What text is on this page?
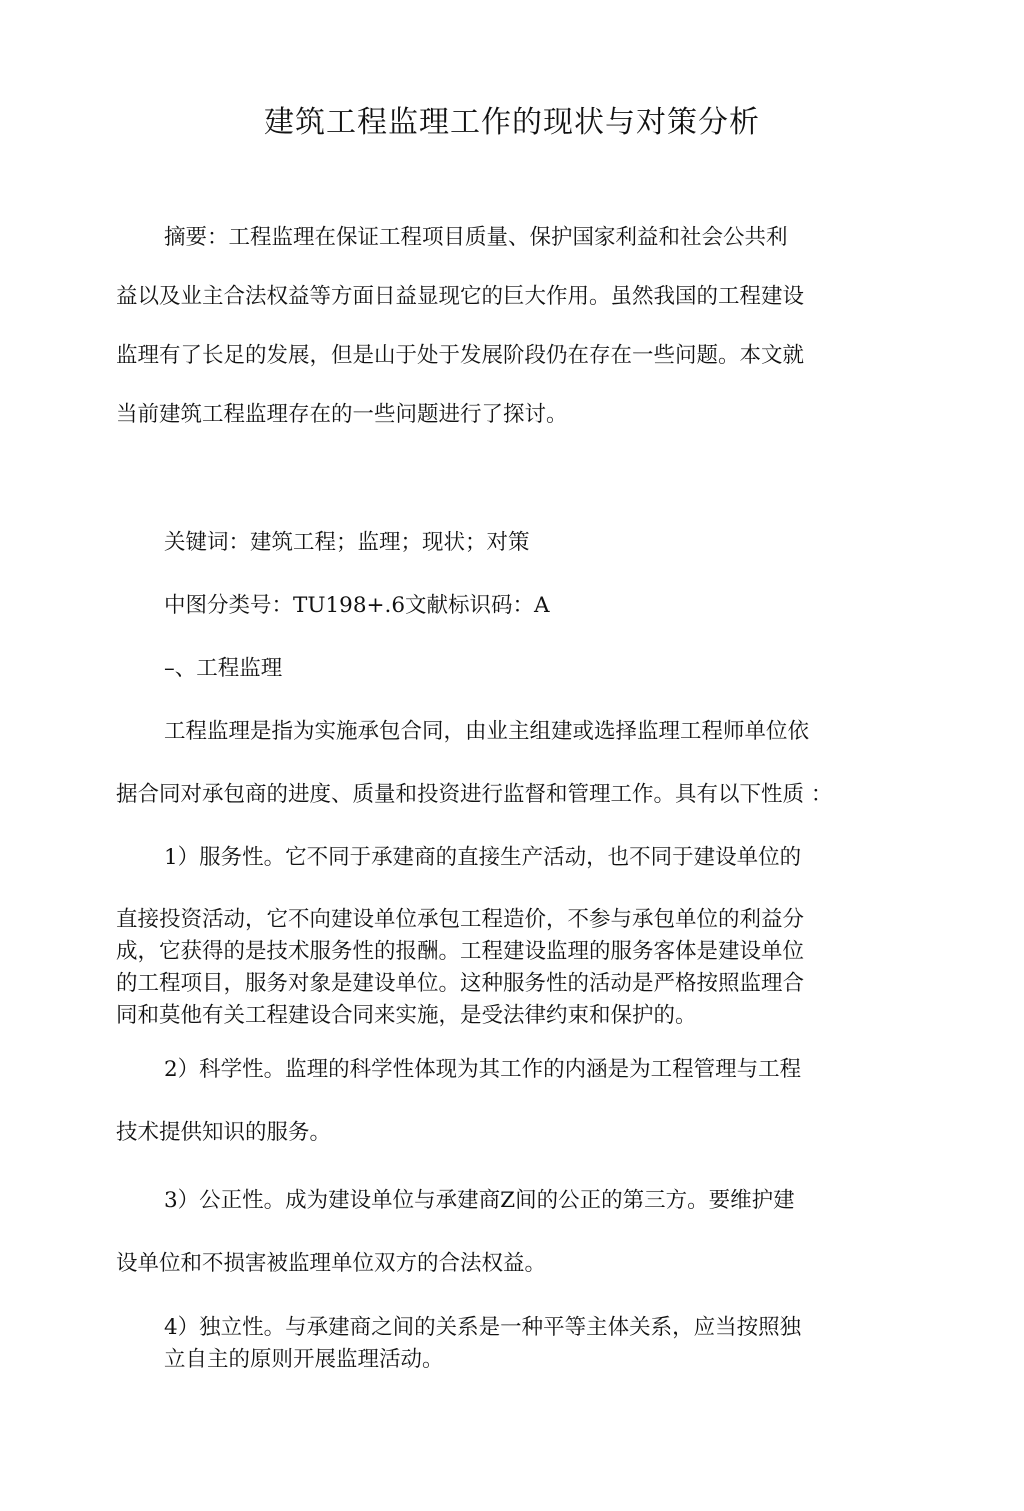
建筑工程监理工作的现状与对策分析
摘要：工程监理在保证工程项目质量、保护国家利益和社会公共利
益以及业主合法权益等方面日益显现它的巨大作用。虽然我国的工程建设
监理有了长足的发展，但是山于处于发展阶段仍在存在一些问题。本文就
当前建筑工程监理存在的一些问题进行了探讨。
关键词：建筑工程；监理；现状；对策
中图分类号：TU198+.6文献标识码：A
–、工程监理
工程监理是指为实施承包合同，由业主组建或选择监理工程师单位依
据合同对承包商的进度、质量和投资进行监督和管理工作。具有以下性质 ：
1）服务性。它不同于承建商的直接生产活动，也不同于建设单位的
直接投资活动，它不向建设单位承包工程造价，不参与承包单位的利益分
成，它获得的是技术服务性的报酬。工程建设监理的服务客体是建设单位
的工程项目，服务对象是建设单位。这种服务性的活动是严格按照监理合
同和莫他有关工程建设合同来实施，是受法律约束和保护的。
2）科学性。监理的科学性体现为其工作的内涵是为工程管理与工程
技术提供知识的服务。
3）公正性。成为建设单位与承建商Z间的公正的第三方。要维护建
设单位和不损害被监理单位双方的合法权益。
4）独立性。与承建商之间的关系是一种平等主体关系，应当按照独
立自主的原则开展监理活动。
